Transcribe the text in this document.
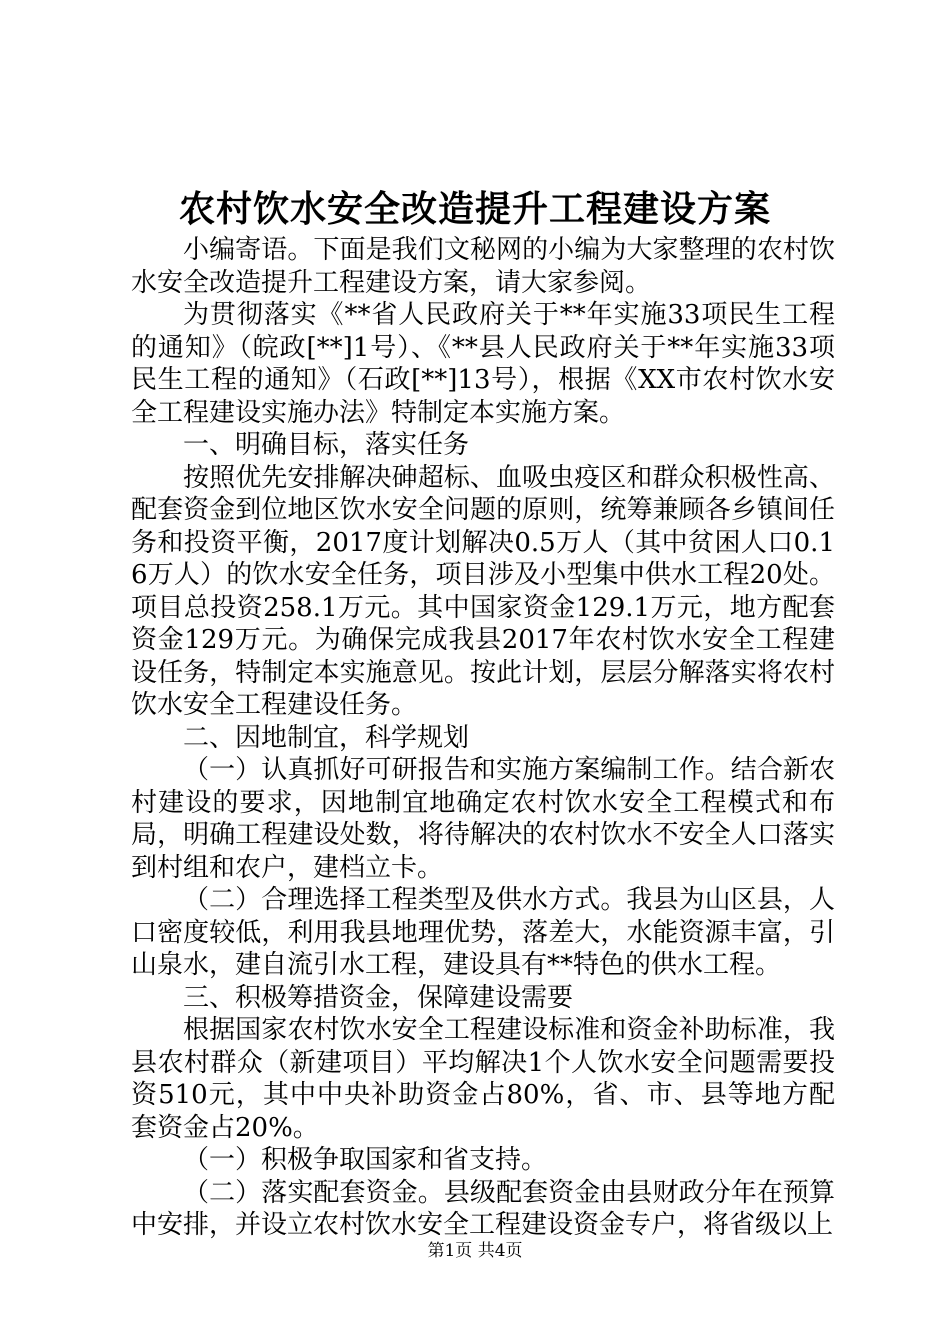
农村饮水安全改造提升工程建设方案

小编寄语。下面是我们文秘网的小编为大家整理的农村饮水安全改造提升工程建设方案，请大家参阅。

为贯彻落实《**省人民政府关于**年实施33项民生工程的通知》（皖政[**]1号）、《**县人民政府关于**年实施33项民生工程的通知》（石政[**]13号），根据《XX市农村饮水安全工程建设实施办法》特制定本实施方案。

一、明确目标，落实任务

按照优先安排解决砷超标、血吸虫疫区和群众积极性高、配套资金到位地区饮水安全问题的原则，统筹兼顾各乡镇间任务和投资平衡，2017度计划解决0.5万人（其中贫困人口0.16万人）的饮水安全任务，项目涉及小型集中供水工程20处。项目总投资258.1万元。其中国家资金129.1万元，地方配套资金129万元。为确保完成我县2017年农村饮水安全工程建设任务，特制定本实施意见。按此计划，层层分解落实将农村饮水安全工程建设任务。

二、因地制宜，科学规划

（一）认真抓好可研报告和实施方案编制工作。结合新农村建设的要求，因地制宜地确定农村饮水安全工程模式和布局，明确工程建设处数，将待解决的农村饮水不安全人口落实到村组和农户，建档立卡。

（二）合理选择工程类型及供水方式。我县为山区县，人口密度较低，利用我县地理优势，落差大，水能资源丰富，引山泉水，建自流引水工程，建设具有**特色的供水工程。

三、积极筹措资金，保障建设需要

根据国家农村饮水安全工程建设标准和资金补助标准，我县农村群众（新建项目）平均解决1个人饮水安全问题需要投资510元，其中中央补助资金占80%，省、市、县等地方配套资金占20%。

（一）积极争取国家和省支持。

（二）落实配套资金。县级配套资金由县财政分年在预算中安排，并设立农村饮水安全工程建设资金专户，将省级以上

第1页 共4页
